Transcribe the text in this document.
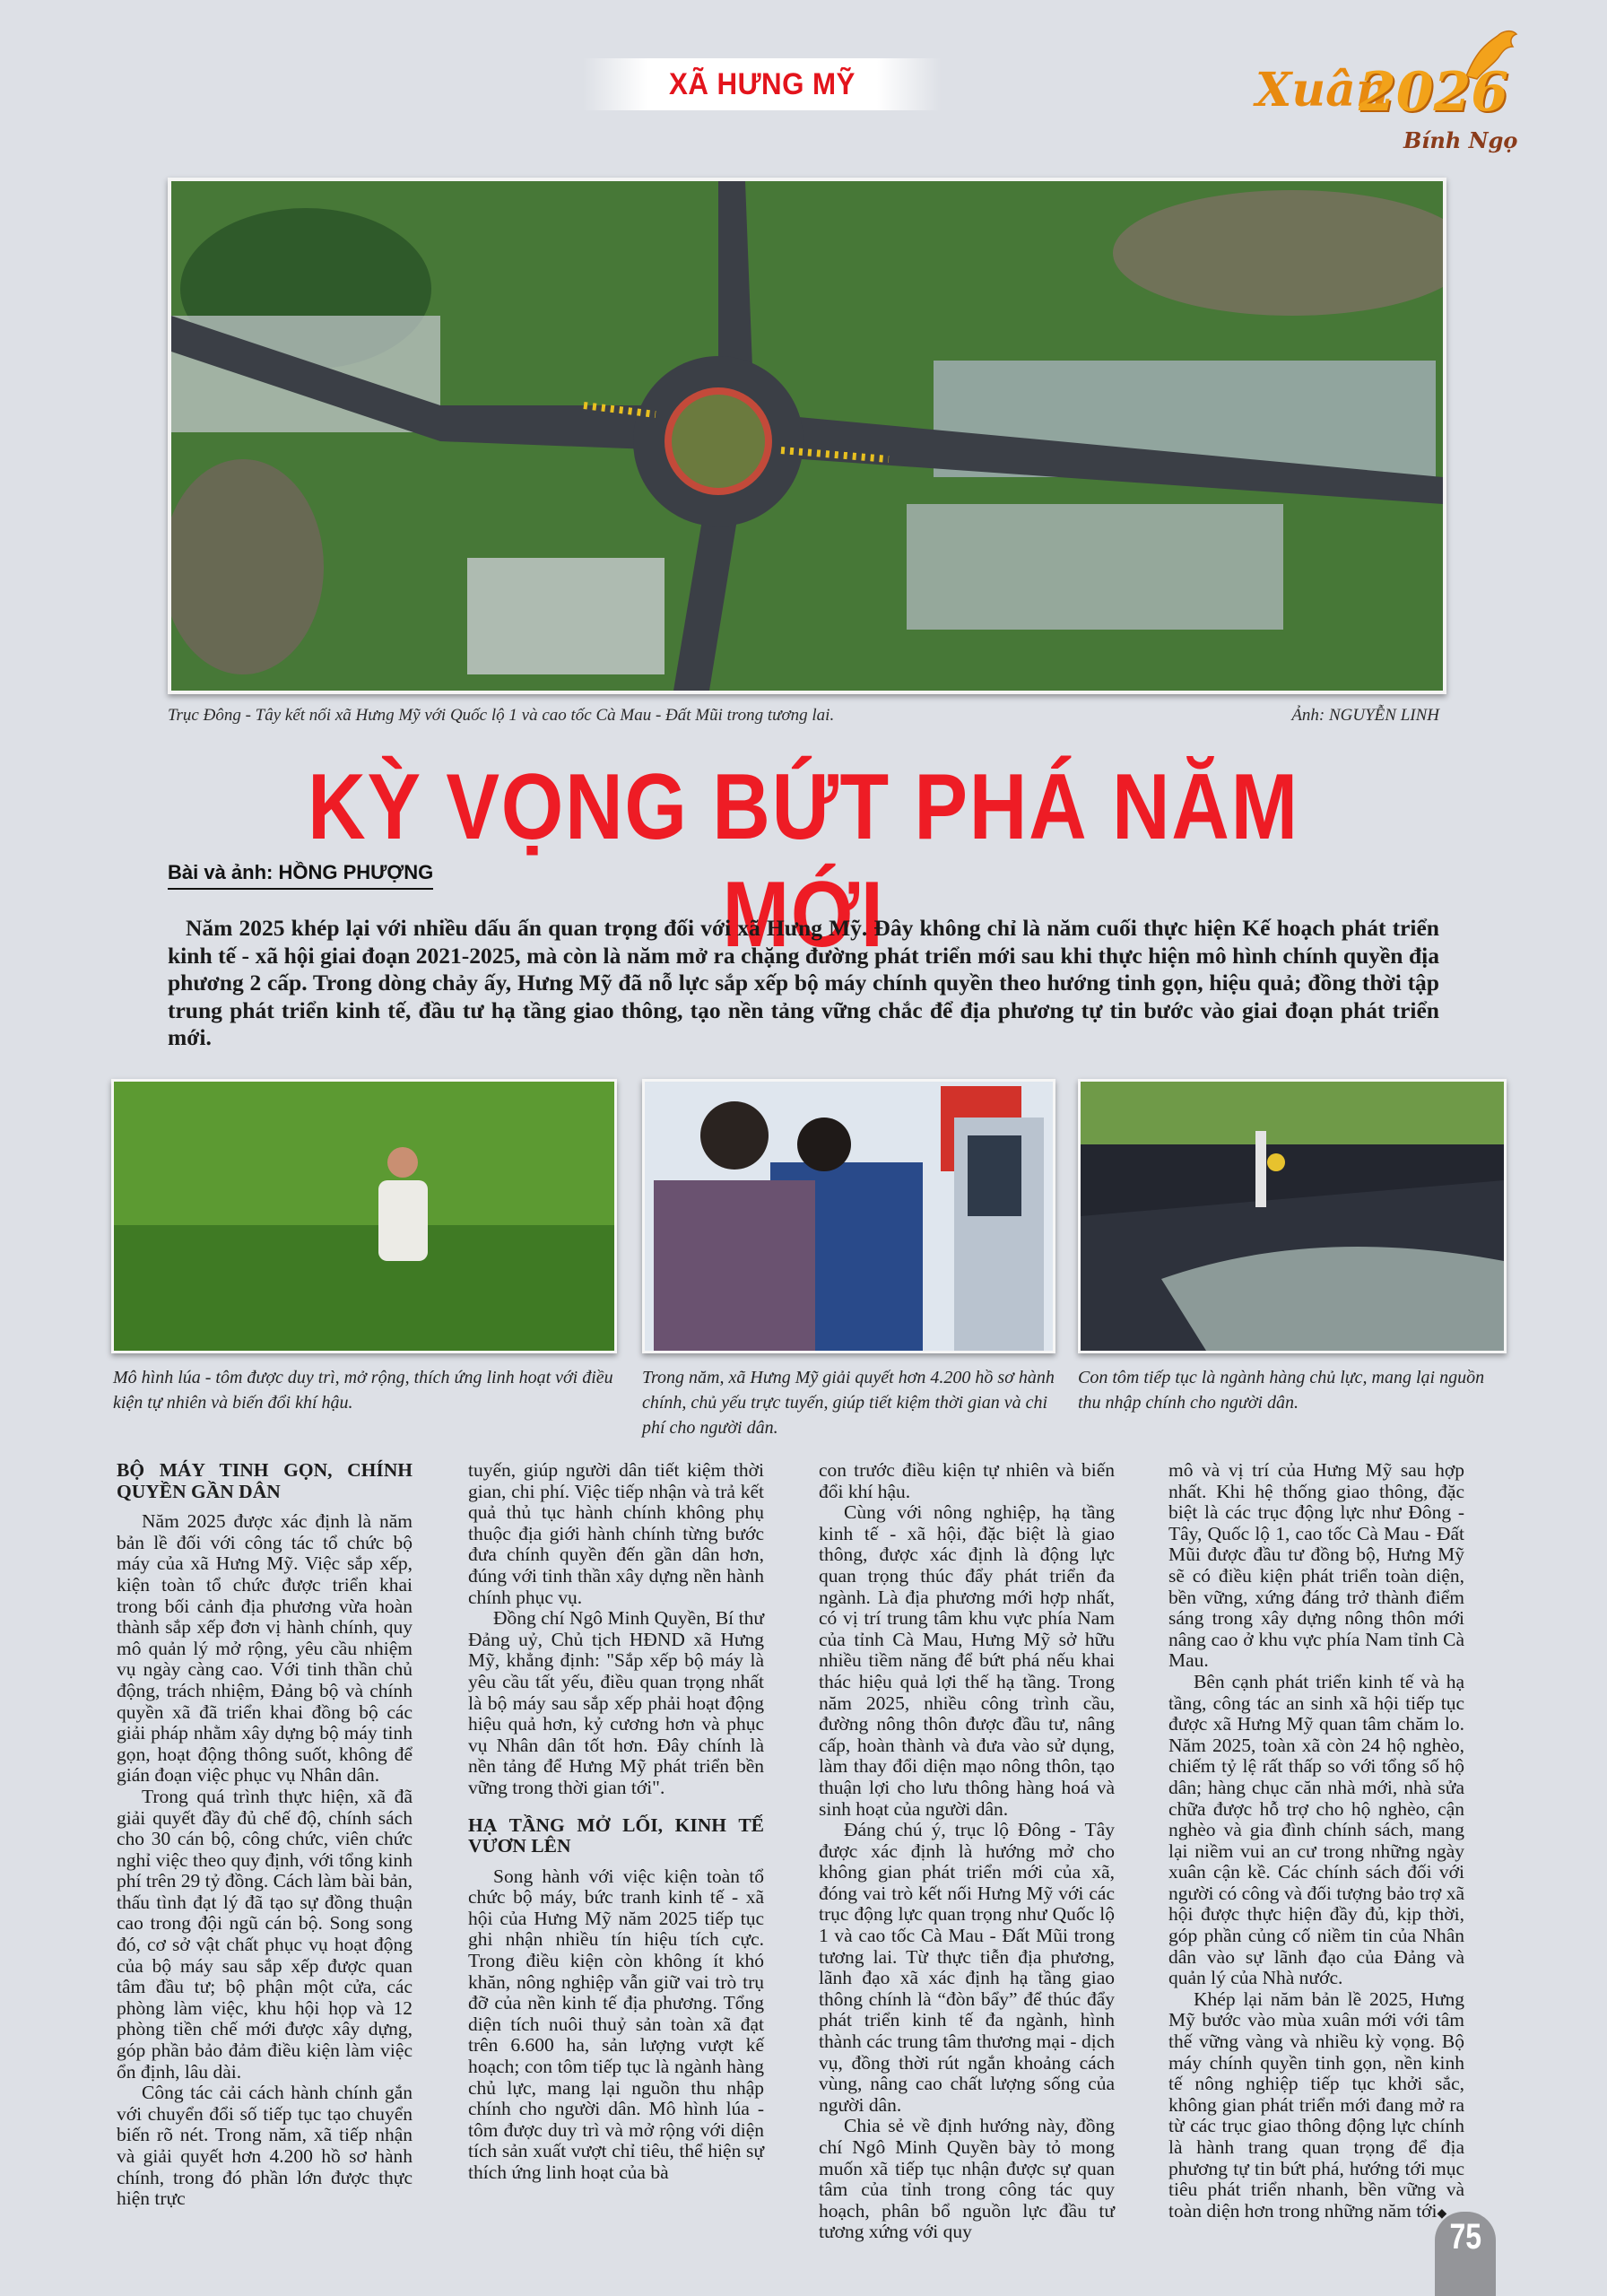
XÃ HƯNG MỸ	Xuân
2026
Bính Ngọ
Trục Đông - Tây kết nối xã Hưng Mỹ với Quốc lộ 1 và cao tốc Cà Mau - Đất Mũi trong tương lai.	Ảnh: NGUYỄN LINH
KỲ VỌNG BỨT PHÁ NĂM MỚI
Bài và ảnh: HỒNG PHƯỢNG

Năm 2025 khép lại với nhiều dấu ấn quan trọng đối với xã Hưng Mỹ. Đây không chỉ là năm cuối thực hiện Kế hoạch phát triển kinh tế - xã hội giai đoạn 2021-2025, mà còn là năm mở ra chặng đường phát triển mới sau khi thực hiện mô hình chính quyền địa phương 2 cấp. Trong dòng chảy ấy, Hưng Mỹ đã nỗ lực sắp xếp bộ máy chính quyền theo hướng tinh gọn, hiệu quả; đồng thời tập trung phát triển kinh tế, đầu tư hạ tầng giao thông, tạo nền tảng vững chắc để địa phương tự tin bước vào giai đoạn phát triển mới.

Mô hình lúa - tôm được duy trì, mở rộng, thích ứng linh hoạt với điều kiện tự nhiên và biến đổi khí hậu.
Trong năm, xã Hưng Mỹ giải quyết hơn 4.200 hồ sơ hành chính, chủ yếu trực tuyến, giúp tiết kiệm thời gian và chi phí cho người dân.
Con tôm tiếp tục là ngành hàng chủ lực, mang lại nguồn thu nhập chính cho người dân.
BỘ MÁY TINH GỌN, CHÍNH QUYỀN GẦN DÂN

Năm 2025 được xác định là năm bản lề đối với công tác tổ chức bộ máy của xã Hưng Mỹ. Việc sắp xếp, kiện toàn tổ chức được triển khai trong bối cảnh địa phương vừa hoàn thành sắp xếp đơn vị hành chính, quy mô quản lý mở rộng, yêu cầu nhiệm vụ ngày càng cao. Với tinh thần chủ động, trách nhiệm, Đảng bộ và chính quyền xã đã triển khai đồng bộ các giải pháp nhằm xây dựng bộ máy tinh gọn, hoạt động thông suốt, không để gián đoạn việc phục vụ Nhân dân.

Trong quá trình thực hiện, xã đã giải quyết đầy đủ chế độ, chính sách cho 30 cán bộ, công chức, viên chức nghỉ việc theo quy định, với tổng kinh phí trên 29 tỷ đồng. Cách làm bài bản, thấu tình đạt lý đã tạo sự đồng thuận cao trong đội ngũ cán bộ. Song song đó, cơ sở vật chất phục vụ hoạt động của bộ máy sau sắp xếp được quan tâm đầu tư; bộ phận một cửa, các phòng làm việc, khu hội họp và 12 phòng tiền chế mới được xây dựng, góp phần bảo đảm điều kiện làm việc ổn định, lâu dài.

Công tác cải cách hành chính gắn với chuyển đổi số tiếp tục tạo chuyển biến rõ nét. Trong năm, xã tiếp nhận và giải quyết hơn 4.200 hồ sơ hành chính, trong đó phần lớn được thực hiện trực

tuyến, giúp người dân tiết kiệm thời gian, chi phí. Việc tiếp nhận và trả kết quả thủ tục hành chính không phụ thuộc địa giới hành chính từng bước đưa chính quyền đến gần dân hơn, đúng với tinh thần xây dựng nền hành chính phục vụ.

Đồng chí Ngô Minh Quyền, Bí thư Đảng uỷ, Chủ tịch HĐND xã Hưng Mỹ, khẳng định: "Sắp xếp bộ máy là yêu cầu tất yếu, điều quan trọng nhất là bộ máy sau sắp xếp phải hoạt động hiệu quả hơn, kỷ cương hơn và phục vụ Nhân dân tốt hơn. Đây chính là nền tảng để Hưng Mỹ phát triển bền vững trong thời gian tới".

HẠ TẦNG MỞ LỐI, KINH TẾ VƯƠN LÊN

Song hành với việc kiện toàn tổ chức bộ máy, bức tranh kinh tế - xã hội của Hưng Mỹ năm 2025 tiếp tục ghi nhận nhiều tín hiệu tích cực. Trong điều kiện còn không ít khó khăn, nông nghiệp vẫn giữ vai trò trụ đỡ của nền kinh tế địa phương. Tổng diện tích nuôi thuỷ sản toàn xã đạt trên 6.600 ha, sản lượng vượt kế hoạch; con tôm tiếp tục là ngành hàng chủ lực, mang lại nguồn thu nhập chính cho người dân. Mô hình lúa - tôm được duy trì và mở rộng với diện tích sản xuất vượt chỉ tiêu, thể hiện sự thích ứng linh hoạt của bà

con trước điều kiện tự nhiên và biến đổi khí hậu.

Cùng với nông nghiệp, hạ tầng kinh tế - xã hội, đặc biệt là giao thông, được xác định là động lực quan trọng thúc đẩy phát triển đa ngành. Là địa phương mới hợp nhất, có vị trí trung tâm khu vực phía Nam của tỉnh Cà Mau, Hưng Mỹ sở hữu nhiều tiềm năng để bứt phá nếu khai thác hiệu quả lợi thế hạ tầng. Trong năm 2025, nhiều công trình cầu, đường nông thôn được đầu tư, nâng cấp, hoàn thành và đưa vào sử dụng, làm thay đổi diện mạo nông thôn, tạo thuận lợi cho lưu thông hàng hoá và sinh hoạt của người dân.

Đáng chú ý, trục lộ Đông - Tây được xác định là hướng mở cho không gian phát triển mới của xã, đóng vai trò kết nối Hưng Mỹ với các trục động lực quan trọng như Quốc lộ 1 và cao tốc Cà Mau - Đất Mũi trong tương lai. Từ thực tiễn địa phương, lãnh đạo xã xác định hạ tầng giao thông chính là “đòn bẩy” để thúc đẩy phát triển kinh tế đa ngành, hình thành các trung tâm thương mại - dịch vụ, đồng thời rút ngắn khoảng cách vùng, nâng cao chất lượng sống của người dân.

Chia sẻ về định hướng này, đồng chí Ngô Minh Quyền bày tỏ mong muốn xã tiếp tục nhận được sự quan tâm của tỉnh trong công tác quy hoạch, phân bổ nguồn lực đầu tư tương xứng với quy

mô và vị trí của Hưng Mỹ sau hợp nhất. Khi hệ thống giao thông, đặc biệt là các trục động lực như Đông - Tây, Quốc lộ 1, cao tốc Cà Mau - Đất Mũi được đầu tư đồng bộ, Hưng Mỹ sẽ có điều kiện phát triển toàn diện, bền vững, xứng đáng trở thành điểm sáng trong xây dựng nông thôn mới nâng cao ở khu vực phía Nam tỉnh Cà Mau.

Bên cạnh phát triển kinh tế và hạ tầng, công tác an sinh xã hội tiếp tục được xã Hưng Mỹ quan tâm chăm lo. Năm 2025, toàn xã còn 24 hộ nghèo, chiếm tỷ lệ rất thấp so với tổng số hộ dân; hàng chục căn nhà mới, nhà sửa chữa được hỗ trợ cho hộ nghèo, cận nghèo và gia đình chính sách, mang lại niềm vui an cư trong những ngày xuân cận kề. Các chính sách đối với người có công và đối tượng bảo trợ xã hội được thực hiện đầy đủ, kịp thời, góp phần củng cố niềm tin của Nhân dân vào sự lãnh đạo của Đảng và quản lý của Nhà nước.

Khép lại năm bản lề 2025, Hưng Mỹ bước vào mùa xuân mới với tâm thế vững vàng và nhiều kỳ vọng. Bộ máy chính quyền tinh gọn, nền kinh tế nông nghiệp tiếp tục khởi sắc, không gian phát triển mới đang mở ra từ các trục giao thông động lực chính là hành trang quan trọng để địa phương tự tin bứt phá, hướng tới mục tiêu phát triển nhanh, bền vững và toàn diện hơn trong những năm tới◆

75
